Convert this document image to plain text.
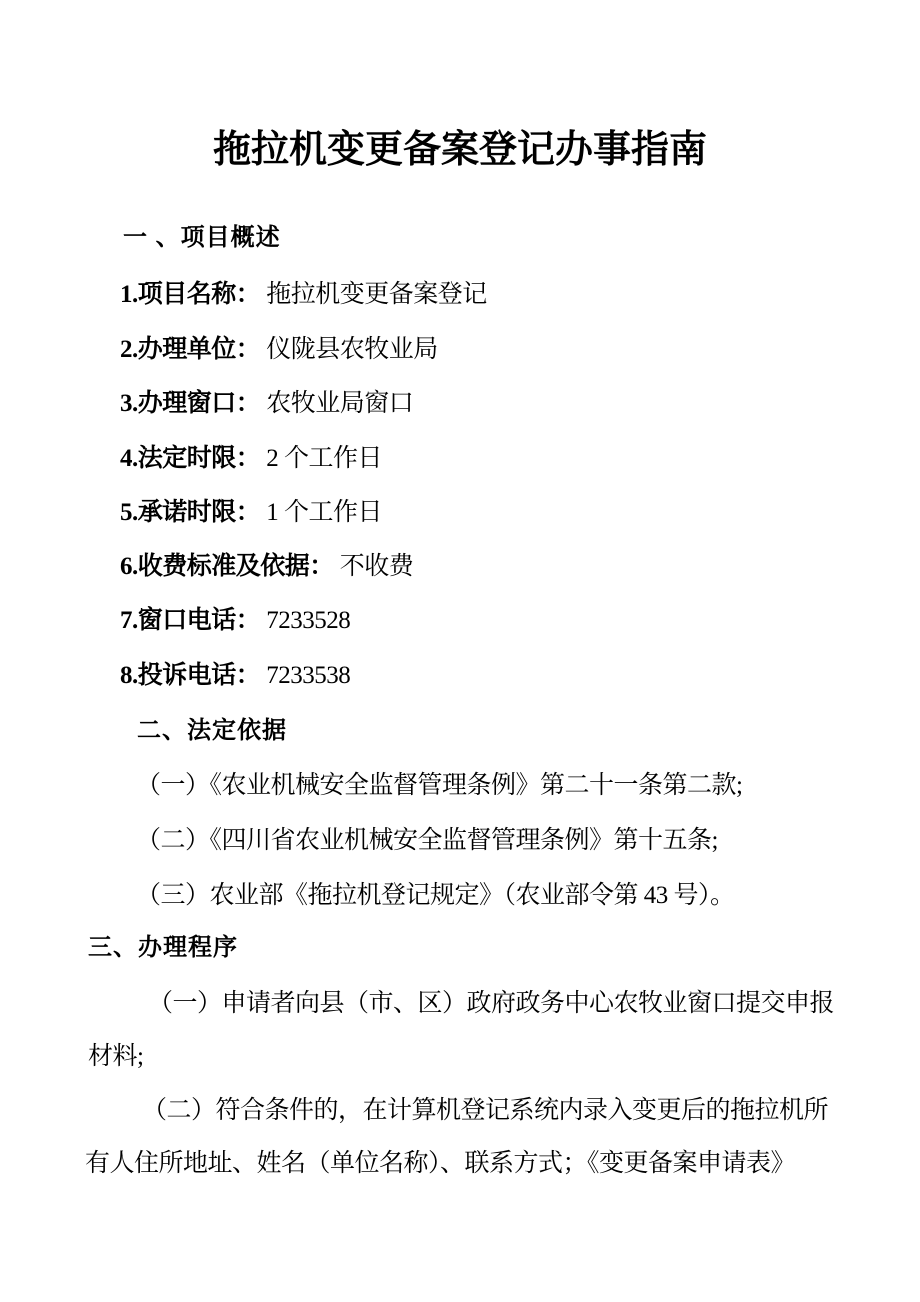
拖拉机变更备案登记办事指南
一 、项目概述
1.项目名称： 拖拉机变更备案登记
2.办理单位： 仪陇县农牧业局
3.办理窗口： 农牧业局窗口
4.法定时限： 2 个工作日
5.承诺时限： 1 个工作日
6.收费标准及依据： 不收费
7.窗口电话： 7233528
8.投诉电话： 7233538
二、法定依据
（一）《农业机械安全监督管理条例》第二十一条第二款;
（二）《四川省农业机械安全监督管理条例》第十五条;
（三）农业部《拖拉机登记规定》（农业部令第 43 号）。
三、办理程序
（一）申请者向县（市、区）政府政务中心农牧业窗口提交申报
材料;
（二）符合条件的，在计算机登记系统内录入变更后的拖拉机所
有人住所地址、姓名（单位名称）、联系方式；《变更备案申请表》
